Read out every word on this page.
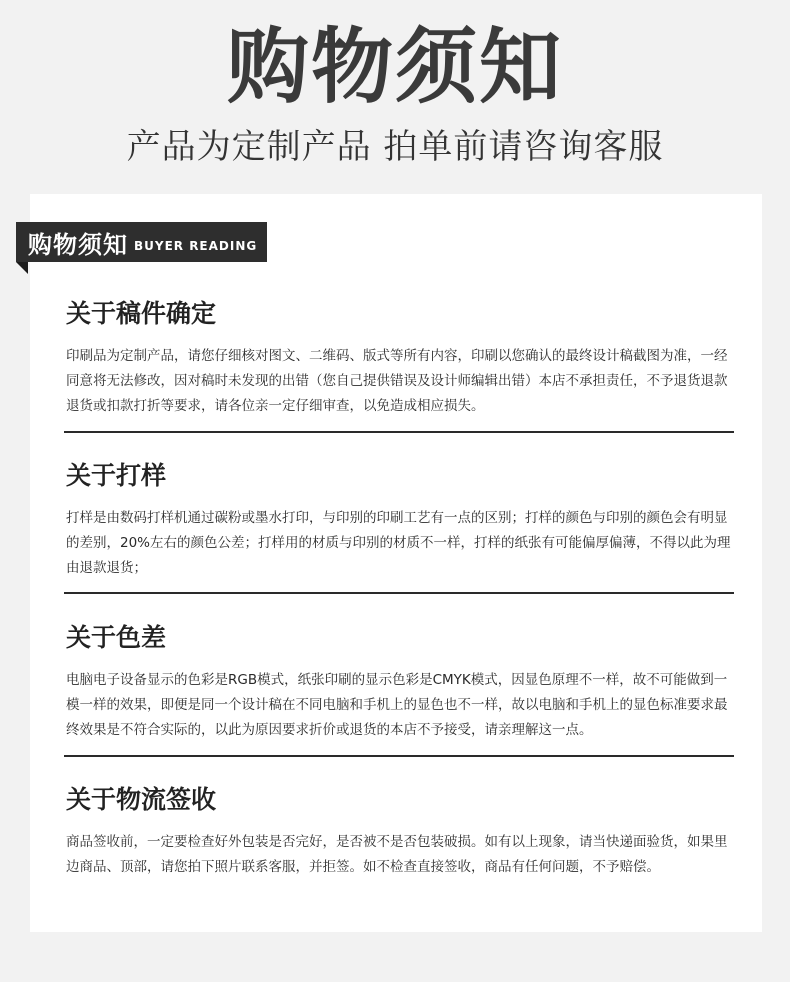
购物须知
产品为定制产品 拍单前请咨询客服
购物须知 BUYER READING
关于稿件确定

印刷品为定制产品，请您仔细核对图文、二维码、版式等所有内容，印刷以您确认的最终设计稿截图为准，一经同意将无法修改，因对稿时未发现的出错（您自己提供错误及设计师编辑出错）本店不承担责任，不予退货退款退货或扣款打折等要求，请各位亲一定仔细审查，以免造成相应损失。

关于打样

打样是由数码打样机通过碳粉或墨水打印，与印别的印刷工艺有一点的区别；打样的颜色与印别的颜色会有明显的差别，20%左右的颜色公差；打样用的材质与印别的材质不一样，打样的纸张有可能偏厚偏薄，不得以此为理由退款退货；

关于色差

电脑电子设备显示的色彩是RGB模式，纸张印刷的显示色彩是CMYK模式，因显色原理不一样，故不可能做到一模一样的效果，即便是同一个设计稿在不同电脑和手机上的显色也不一样，故以电脑和手机上的显色标准要求最终效果是不符合实际的，以此为原因要求折价或退货的本店不予接受，请亲理解这一点。

关于物流签收

商品签收前，一定要检查好外包装是否完好，是否被不是否包装破损。如有以上现象，请当快递面验货，如果里边商品、顶部，请您拍下照片联系客服，并拒签。如不检查直接签收，商品有任何问题，不予赔偿。
